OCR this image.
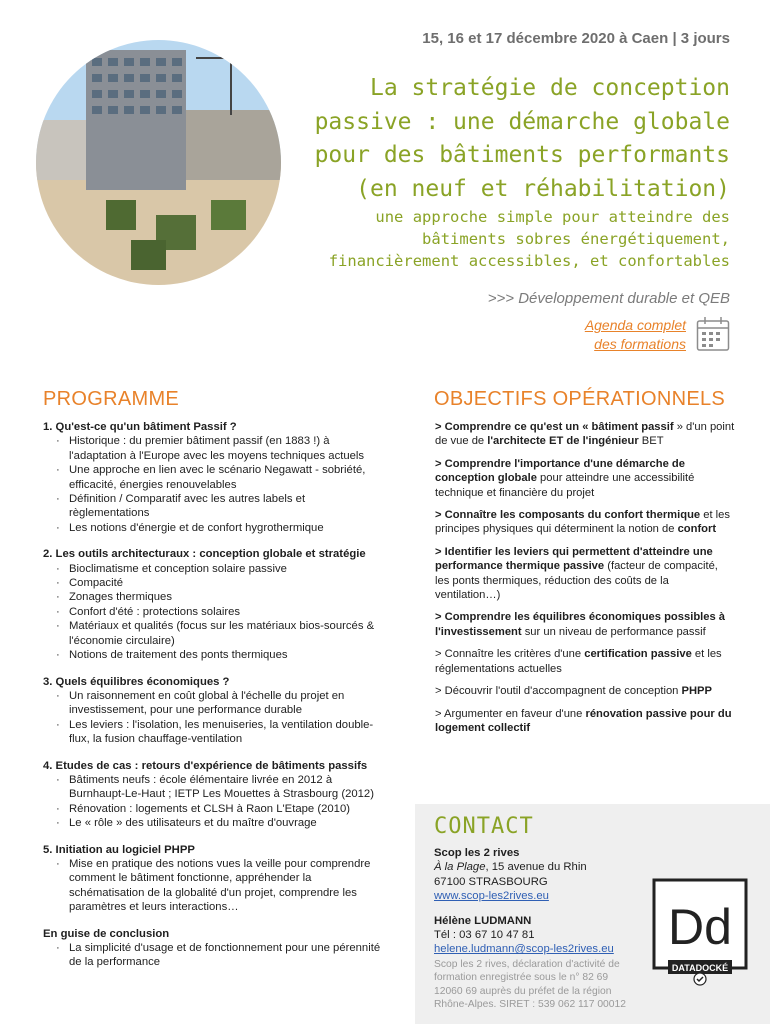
15, 16 et 17 décembre 2020 à Caen | 3 jours
La stratégie de conception
passive : une démarche globale
pour des bâtiments performants
(en neuf et réhabilitation)
une approche simple pour atteindre des
bâtiments sobres énergétiquement,
financièrement accessibles, et confortables
>>> Développement durable et QEB
Agenda complet
des formations
PROGRAMME
1. Qu'est-ce qu'un bâtiment Passif ?
· Historique : du premier bâtiment passif (en 1883 !) à l'adaptation à l'Europe avec les moyens techniques actuels
· Une approche en lien avec le scénario Negawatt - sobriété, efficacité, énergies renouvelables
· Définition / Comparatif avec les autres labels et règlementations
· Les notions d'énergie et de confort hygrothermique
2. Les outils architecturaux : conception globale et stratégie
· Bioclimatisme et conception solaire passive
· Compacité
· Zonages thermiques
· Confort d'été : protections solaires
· Matériaux et qualités (focus sur les matériaux bios-sourcés & l'économie circulaire)
· Notions de traitement des ponts thermiques
3. Quels équilibres économiques ?
· Un raisonnement en coût global à l'échelle du projet en investissement, pour une performance durable
· Les leviers : l'isolation, les menuiseries, la ventilation double-flux, la fusion chauffage-ventilation
4. Etudes de cas : retours d'expérience de bâtiments passifs
· Bâtiments neufs : école élémentaire livrée en 2012 à Burnhaupt-Le-Haut ; IETP Les Mouettes à Strasbourg (2012)
· Rénovation : logements et CLSH à Raon L'Etape (2010)
· Le « rôle » des utilisateurs et du maître d'ouvrage
5. Initiation au logiciel PHPP
· Mise en pratique des notions vues la veille pour comprendre comment le bâtiment fonctionne, appréhender la schématisation de la globalité d'un projet, comprendre les paramètres et leurs interactions…
En guise de conclusion
· La simplicité d'usage et de fonctionnement pour une pérennité de la performance
OBJECTIFS OPÉRATIONNELS

> Comprendre ce qu'est un « bâtiment passif » d'un point de vue de l'architecte ET de l'ingénieur BET

> Comprendre l'importance d'une démarche de conception globale pour atteindre une accessibilité technique et financière du projet

> Connaître les composants du confort thermique et les principes physiques qui déterminent la notion de confort

> Identifier les leviers qui permettent d'atteindre une performance thermique passive (facteur de compacité, les ponts thermiques, réduction des coûts de la ventilation…)

> Comprendre les équilibres économiques possibles à l'investissement sur un niveau de performance passif

> Connaître les critères d'une certification passive et les réglementations actuelles

> Découvrir l'outil d'accompagnent de conception PHPP

> Argumenter en faveur d'une rénovation passive pour du logement collectif

CONTACT
Scop les 2 rives
À la Plage, 15 avenue du Rhin
67100 STRASBOURG
www.scop-les2rives.eu
Hélène LUDMANN
Tél : 03 67 10 47 81
helene.ludmann@scop-les2rives.eu
Scop les 2 rives, déclaration d'activité de formation enregistrée sous le n° 82 69 12060 69 auprès du préfet de la région Rhône-Alpes. SIRET : 539 062 117 00012
Dd
DATADOCKÉ
